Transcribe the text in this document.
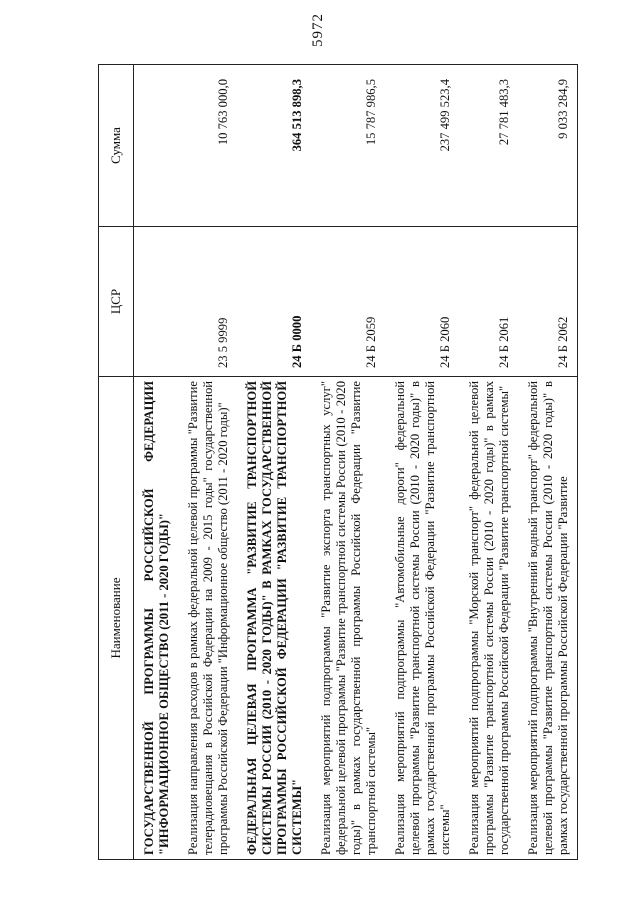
5972
Наименование	ЦСР	Сумма
ГОСУДАРСТВЕННОЙ ПРОГРАММЫ РОССИЙСКОЙ ФЕДЕРАЦИИ "ИНФОРМАЦИОННОЕ ОБЩЕСТВО (2011 - 2020 ГОДЫ)"		
Реализация направления расходов в рамках федеральной целевой программы "Развитие телерадиовещания в Российской Федерации на 2009 - 2015 годы" государственной программы Российской Федерации "Информационное общество (2011 - 2020 годы)"	23 5 9999	10 763 000,0
ФЕДЕРАЛЬНАЯ ЦЕЛЕВАЯ ПРОГРАММА "РАЗВИТИЕ ТРАНСПОРТНОЙ СИСТЕМЫ РОССИИ (2010 - 2020 ГОДЫ)" В РАМКАХ ГОСУДАРСТВЕННОЙ ПРОГРАММЫ РОССИЙСКОЙ ФЕДЕРАЦИИ "РАЗВИТИЕ ТРАНСПОРТНОЙ СИСТЕМЫ"	24 Б 0000	364 513 898,3
Реализация мероприятий подпрограммы "Развитие экспорта транспортных услуг" федеральной целевой программы "Развитие транспортной системы России (2010 - 2020 годы)" в рамках государственной программы Российской Федерации "Развитие транспортной системы"	24 Б 2059	15 787 986,5
Реализация мероприятий подпрограммы "Автомобильные дороги" федеральной целевой программы "Развитие транспортной системы России (2010 - 2020 годы)" в рамках государственной программы Российской Федерации "Развитие транспортной системы"	24 Б 2060	237 499 523,4
Реализация мероприятий подпрограммы "Морской транспорт" федеральной целевой программы "Развитие транспортной системы России (2010 - 2020 годы)" в рамках государственной программы Российской Федерации "Развитие транспортной системы"	24 Б 2061	27 781 483,3
Реализация мероприятий подпрограммы "Внутренний водный транспорт" федеральной целевой программы "Развитие транспортной системы России (2010 - 2020 годы)" в рамках государственной программы Российской Федерации "Развитие	24 Б 2062	9 033 284,9
